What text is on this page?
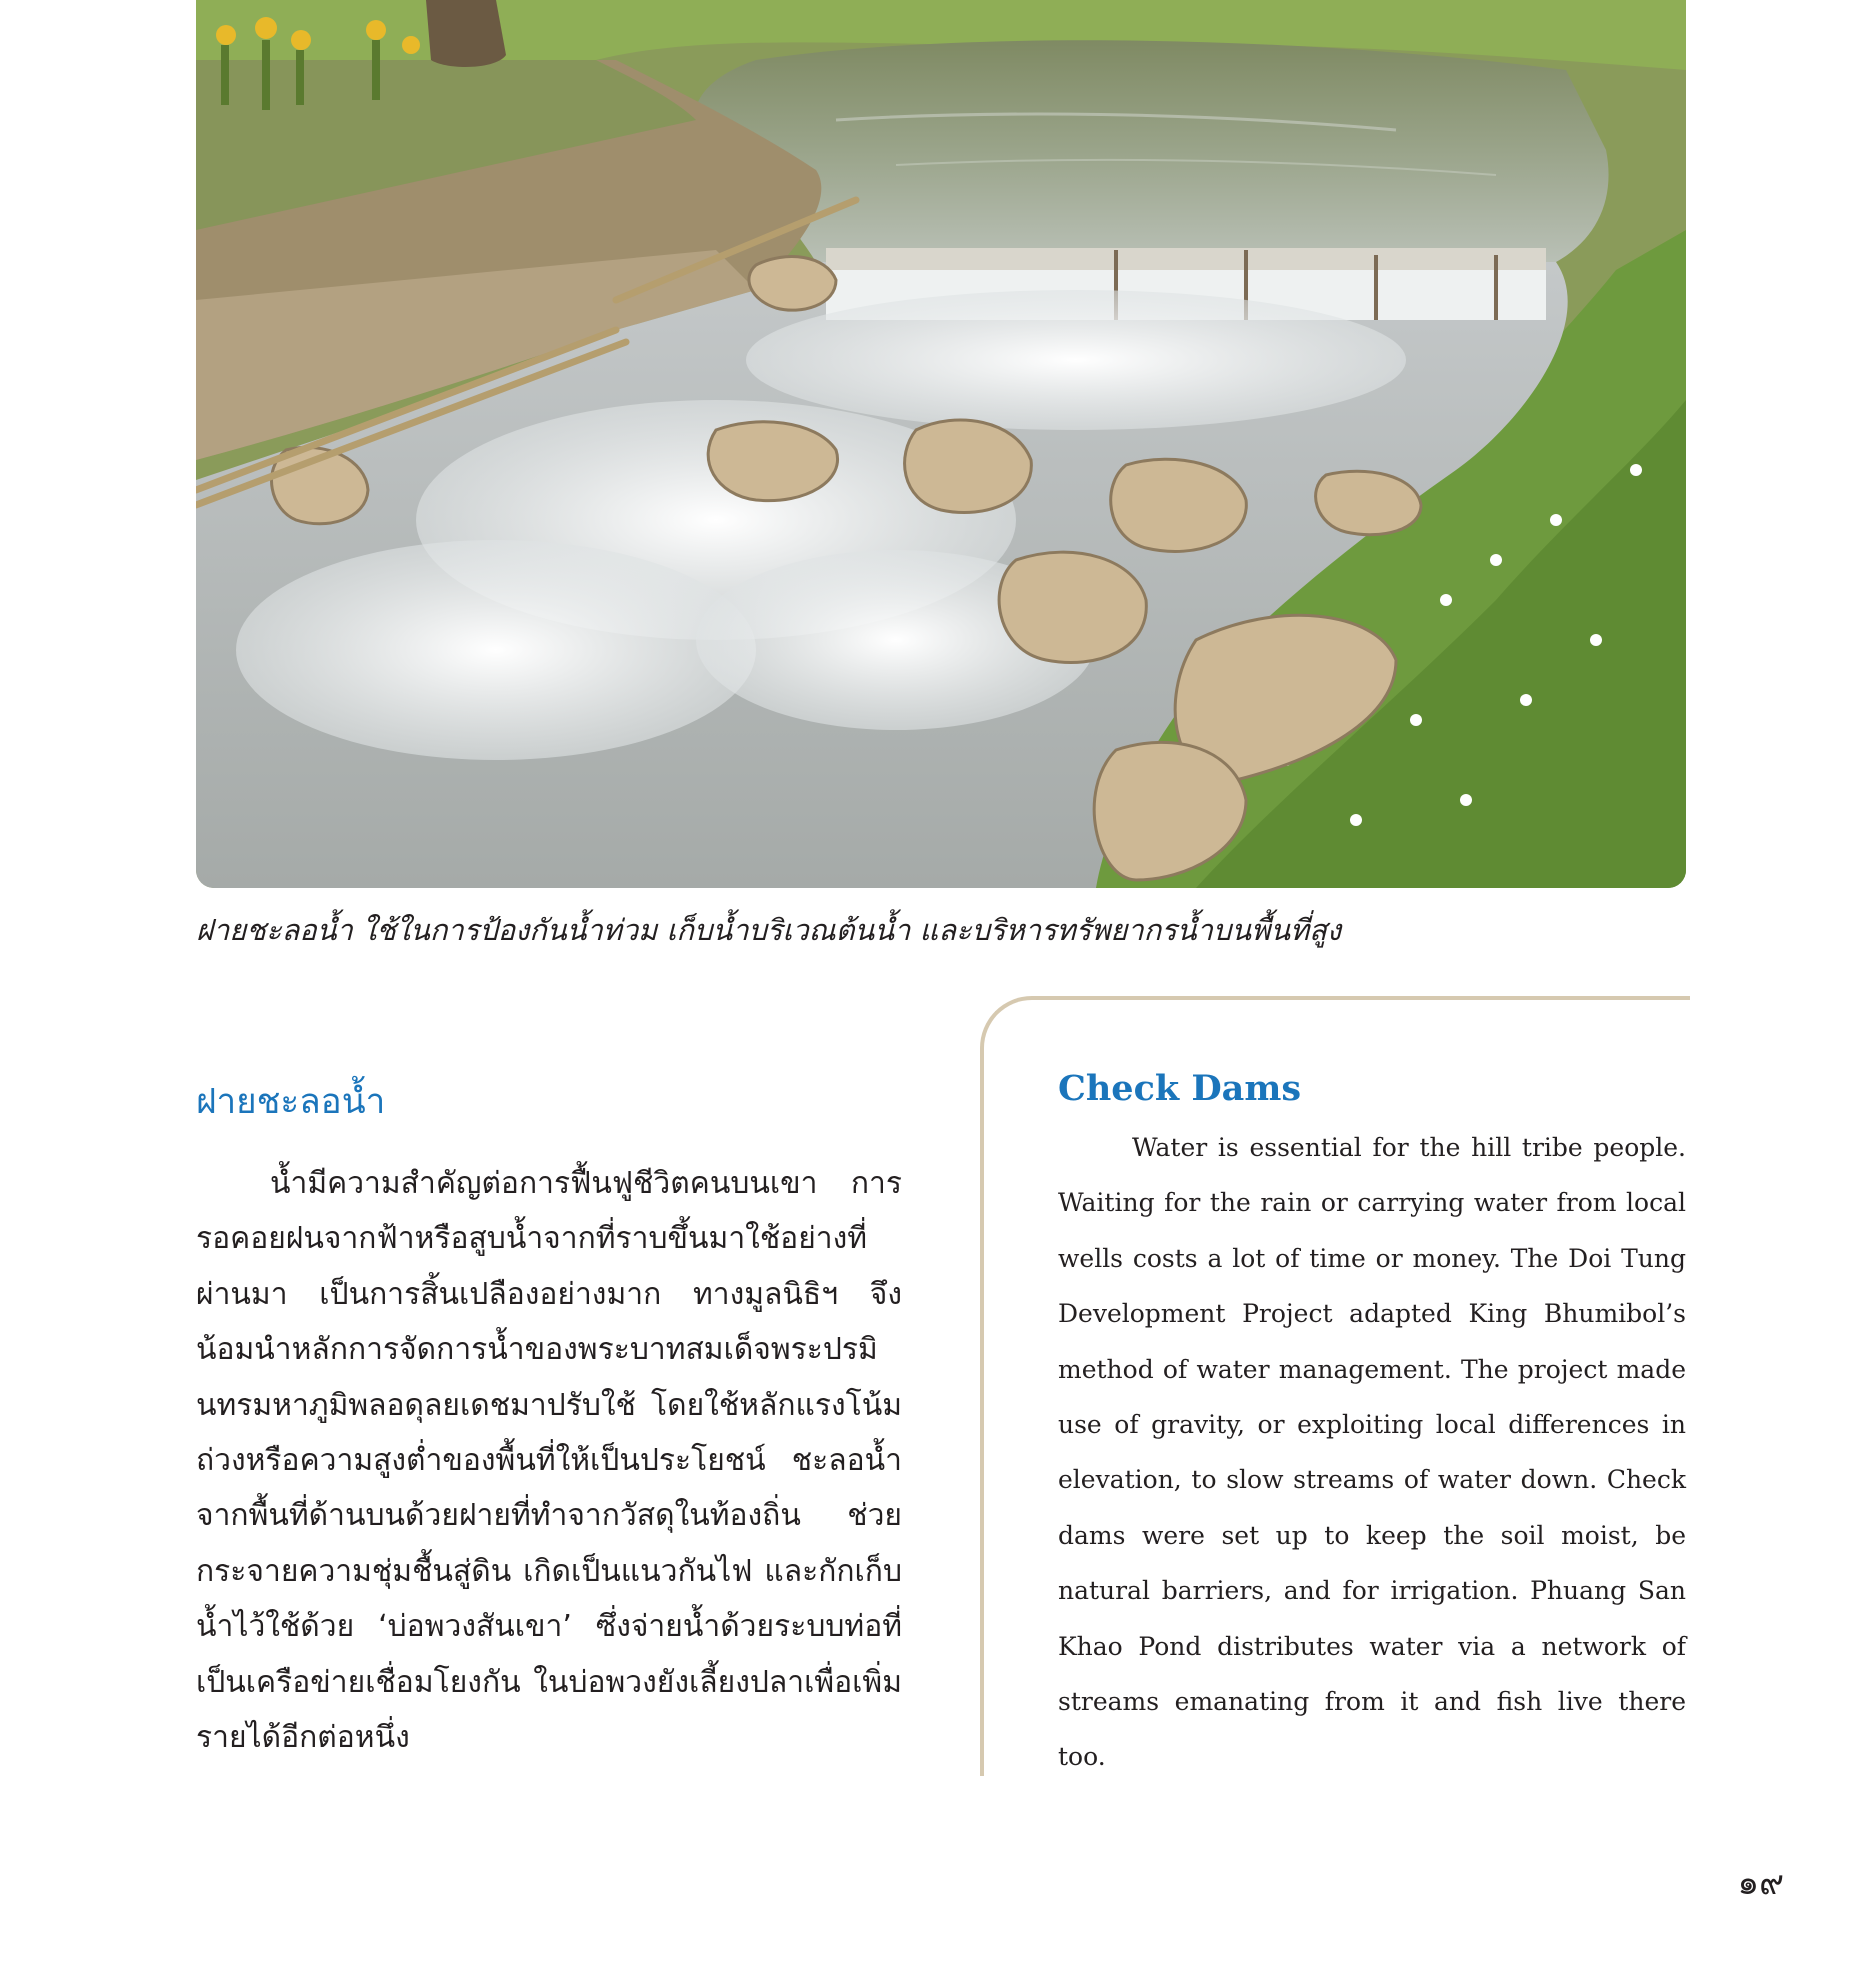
ฝายชะลอน้ำ ใช้ในการป้องกันน้ำท่วม เก็บน้ำบริเวณต้นน้ำ และบริหารทรัพยากรน้ำบนพื้นที่สูง
ฝายชะลอน้ำ

น้ำมีความสำคัญต่อการฟื้นฟูชีวิตคนบนเขา การรอคอยฝนจากฟ้าหรือสูบน้ำจากที่ราบขึ้นมาใช้อย่างที่ผ่านมา เป็นการสิ้นเปลืองอย่างมาก ทางมูลนิธิฯ จึงน้อมนำหลักการจัดการน้ำของพระบาทสมเด็จพระปรมินทรมหาภูมิพลอดุลยเดชมาปรับใช้ โดยใช้หลักแรงโน้มถ่วงหรือความสูงต่ำของพื้นที่ให้เป็นประโยชน์ ชะลอน้ำจากพื้นที่ด้านบนด้วยฝายที่ทำจากวัสดุในท้องถิ่น ช่วยกระจายความชุ่มชื้นสู่ดิน เกิดเป็นแนวกันไฟ และกักเก็บน้ำไว้ใช้ด้วย ‘บ่อพวงสันเขา’ ซึ่งจ่ายน้ำด้วยระบบท่อที่เป็นเครือข่ายเชื่อมโยงกัน ในบ่อพวงยังเลี้ยงปลาเพื่อเพิ่มรายได้อีกต่อหนึ่ง

Check Dams

Water is essential for the hill tribe people. Waiting for the rain or carrying water from local wells costs a lot of time or money. The Doi Tung Development Project adapted King Bhumibol’s method of water management. The project made use of gravity, or exploiting local differences in elevation, to slow streams of water down. Check dams were set up to keep the soil moist, be natural barriers, and for irrigation. Phuang San Khao Pond distributes water via a network of streams emanating from it and fish live there too.

๑๙
